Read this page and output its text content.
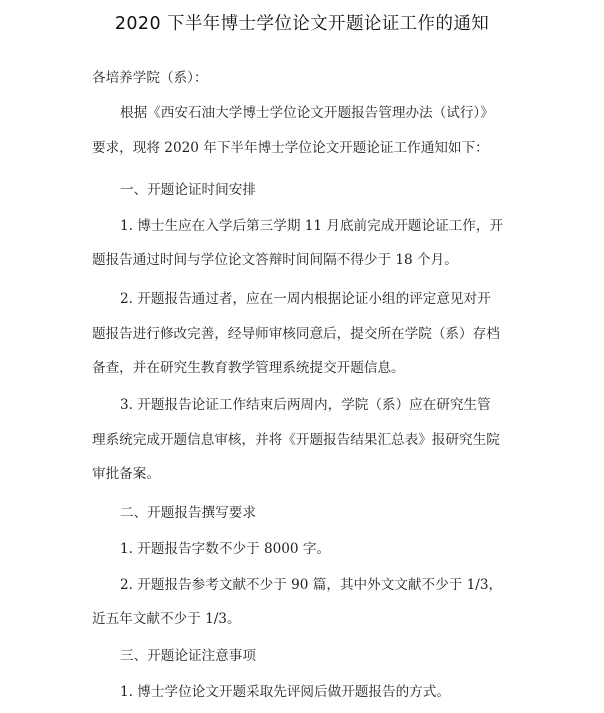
2020 下半年博士学位论文开题论证工作的通知
各培养学院（系）：
根据《西安石油大学博士学位论文开题报告管理办法（试行）》
要求，现将 2020 年下半年博士学位论文开题论证工作通知如下：
一、开题论证时间安排
1. 博士生应在入学后第三学期 11 月底前完成开题论证工作，开
题报告通过时间与学位论文答辩时间间隔不得少于 18 个月。
2. 开题报告通过者，应在一周内根据论证小组的评定意见对开
题报告进行修改完善，经导师审核同意后，提交所在学院（系）存档
备查，并在研究生教育教学管理系统提交开题信息。
3. 开题报告论证工作结束后两周内，学院（系）应在研究生管
理系统完成开题信息审核，并将《开题报告结果汇总表》报研究生院
审批备案。
二、开题报告撰写要求
1. 开题报告字数不少于 8000 字。
2. 开题报告参考文献不少于 90 篇，其中外文文献不少于 1/3，
近五年文献不少于 1/3。
三、开题论证注意事项
1. 博士学位论文开题采取先评阅后做开题报告的方式。
